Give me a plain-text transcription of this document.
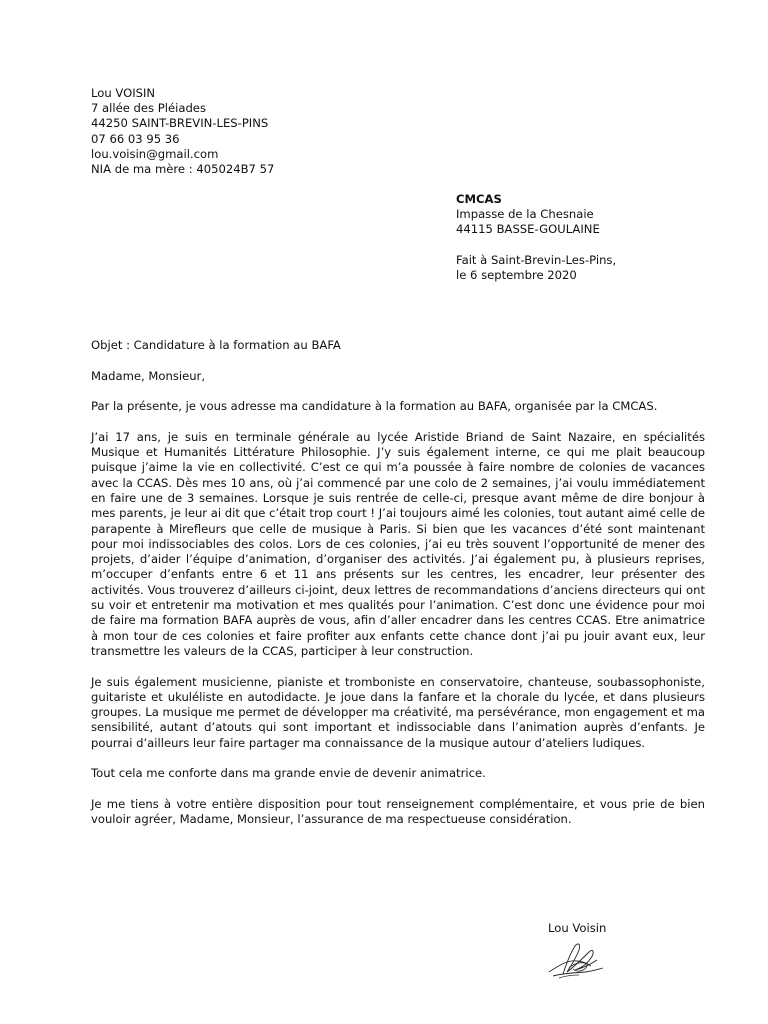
Lou VOISIN
7 allée des Pléiades
44250 SAINT-BREVIN-LES-PINS
07 66 03 95 36
lou.voisin@gmail.com
NIA de ma mère : 405024B7 57
CMCAS
Impasse de la Chesnaie
44115 BASSE-GOULAINE
Fait à Saint-Brevin-Les-Pins,
le 6 septembre 2020

Objet : Candidature à la formation au BAFA

Madame, Monsieur,

Par la présente, je vous adresse ma candidature à la formation au BAFA, organisée par la CMCAS.

J’ai 17 ans, je suis en terminale générale au lycée Aristide Briand de Saint Nazaire, en spécialités Musique et Humanités Littérature Philosophie. J’y suis également interne, ce qui me plait beaucoup puisque j’aime la vie en collectivité. C’est ce qui m’a poussée à faire nombre de colonies de vacances avec la CCAS. Dès mes 10 ans, où j’ai commencé par une colo de 2 semaines, j’ai voulu immédiatement en faire une de 3 semaines. Lorsque je suis rentrée de celle-ci, presque avant même de dire bonjour à mes parents, je leur ai dit que c’était trop court ! J’ai toujours aimé les colonies, tout autant aimé celle de parapente à Mirefleurs que celle de musique à Paris. Si bien que les vacances d’été sont maintenant pour moi indissociables des colos. Lors de ces colonies, j’ai eu très souvent l’opportunité de mener des projets, d’aider l’équipe d’animation, d’organiser des activités. J’ai également pu, à plusieurs reprises, m’occuper d’enfants entre 6 et 11 ans présents sur les centres, les encadrer, leur présenter des activités. Vous trouverez d’ailleurs ci-joint, deux lettres de recommandations d’anciens directeurs qui ont su voir et entretenir ma motivation et mes qualités pour l’animation. C’est donc une évidence pour moi de faire ma formation BAFA auprès de vous, afin d’aller encadrer dans les centres CCAS. Etre animatrice à mon tour de ces colonies et faire profiter aux enfants cette chance dont j’ai pu jouir avant eux, leur transmettre les valeurs de la CCAS, participer à leur construction.

Je suis également musicienne, pianiste et tromboniste en conservatoire, chanteuse, soubassophoniste, guitariste et ukuléliste en autodidacte. Je joue dans la fanfare et la chorale du lycée, et dans plusieurs groupes. La musique me permet de développer ma créativité, ma persévérance, mon engagement et ma sensibilité, autant d’atouts qui sont important et indissociable dans l’animation auprès d’enfants. Je pourrai d’ailleurs leur faire partager ma connaissance de la musique autour d’ateliers ludiques.

Tout cela me conforte dans ma grande envie de devenir animatrice.

Je me tiens à votre entière disposition pour tout renseignement complémentaire, et vous prie de bien vouloir agréer, Madame, Monsieur, l’assurance de ma respectueuse considération.

Lou Voisin
